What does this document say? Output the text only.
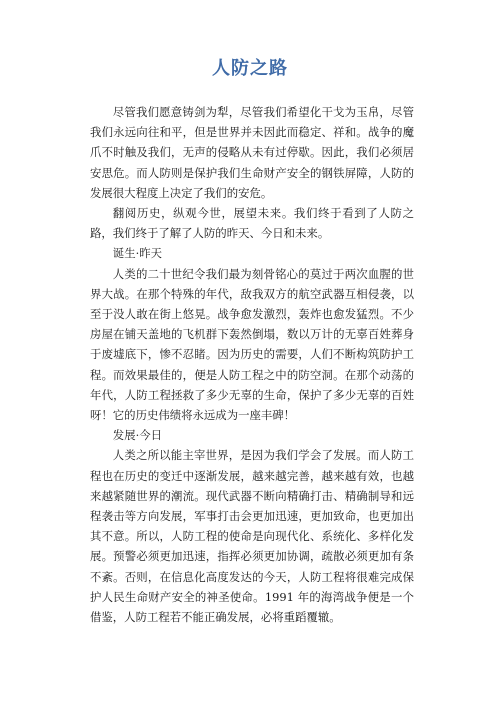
人防之路

尽管我们愿意铸剑为犁，尽管我们希望化干戈为玉帛，尽管我们永远向往和平，但是世界并未因此而稳定、祥和。战争的魔爪不时触及我们，无声的侵略从未有过停歇。因此，我们必须居安思危。而人防则是保护我们生命财产安全的钢铁屏障，人防的发展很大程度上决定了我们的安危。

翻阅历史，纵观今世，展望未来。我们终于看到了人防之路，我们终于了解了人防的昨天、今日和未来。

诞生·昨天

人类的二十世纪令我们最为刻骨铭心的莫过于两次血腥的世界大战。在那个特殊的年代，敌我双方的航空武器互相侵袭，以至于没人敢在街上悠晃。战争愈发激烈，轰炸也愈发猛烈。不少房屋在铺天盖地的飞机群下轰然倒塌，数以万计的无辜百姓葬身于废墟底下，惨不忍睹。因为历史的需要，人们不断构筑防护工程。而效果最佳的，便是人防工程之中的防空洞。在那个动荡的年代，人防工程拯救了多少无辜的生命，保护了多少无辜的百姓呀！它的历史伟绩将永远成为一座丰碑！

发展·今日

人类之所以能主宰世界，是因为我们学会了发展。而人防工程也在历史的变迁中逐渐发展，越来越完善，越来越有效，也越来越紧随世界的潮流。现代武器不断向精确打击、精确制导和远程袭击等方向发展，军事打击会更加迅速，更加致命，也更加出其不意。所以，人防工程的使命是向现代化、系统化、多样化发展。预警必须更加迅速，指挥必须更加协调，疏散必须更加有条不紊。否则，在信息化高度发达的今天，人防工程将很难完成保护人民生命财产安全的神圣使命。1991 年的海湾战争便是一个借鉴，人防工程若不能正确发展，必将重蹈覆辙。
